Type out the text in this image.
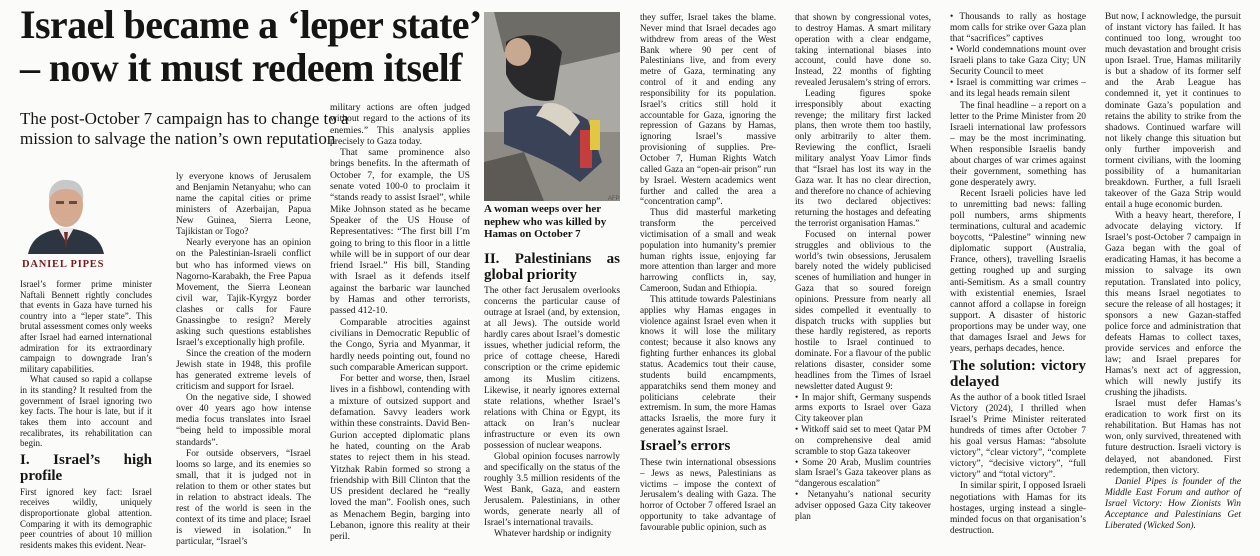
Israel became a ‘leper state’ – now it must redeem itself

The post-October 7 campaign has to change to a mission to salvage the nation’s own reputation

DANIEL PIPES

Israel’s former prime minister Naftali Bennett rightly concludes that events in Gaza have turned his country into a “leper state”. This brutal assessment comes only weeks after Israel had earned international admiration for its extraordinary campaign to downgrade Iran’s military capabilities.

What caused so rapid a collapse in its standing? It resulted from the government of Israel ignoring two key facts. The hour is late, but if it takes them into account and recalibrates, its rehabilitation can begin.

I. Israel’s high profile

First ignored key fact: Israel receives wildly, uniquely disproportionate global attention. Comparing it with its demographic peer countries of about 10 million residents makes this evident. Near-

ly everyone knows of Jerusalem and Benjamin Netanyahu; who can name the capital cities or prime ministers of Azerbaijan, Papua New Guinea, Sierra Leone, Tajikistan or Togo?

Nearly everyone has an opinion on the Palestinian-Israeli conflict but who has informed views on Nagorno-Karabakh, the Free Papua Movement, the Sierra Leonean civil war, Tajik-Kyrgyz border clashes or calls for Faure Gnassingbe to resign? Merely asking such questions establishes Israel’s exceptionally high profile.

Since the creation of the modern Jewish state in 1948, this profile has generated extreme levels of criticism and support for Israel.

On the negative side, I showed over 40 years ago how intense media focus translates into Israel “being held to impossible moral standards”.

For outside observers, “Israel looms so large, and its enemies so small, that it is judged not in relation to them or other states but in relation to abstract ideals. The rest of the world is seen in the context of its time and place; Israel is viewed in isolation.” In particular, “Israel’s

military actions are often judged without regard to the actions of its enemies.” This analysis applies precisely to Gaza today.

That same prominence also brings benefits. In the aftermath of October 7, for example, the US senate voted 100-0 to proclaim it “stands ready to assist Israel”, while Mike Johnson stated as he became Speaker of the US House of Representatives: “The first bill I’m going to bring to this floor in a little while will be in support of our dear friend Israel.” His bill, Standing with Israel as it defends itself against the barbaric war launched by Hamas and other terrorists, passed 412-10.

Comparable atrocities against civilians in Democratic Republic of the Congo, Syria and Myanmar, it hardly needs pointing out, found no such comparable American support.

For better and worse, then, Israel lives in a fishbowl, contending with a mixture of outsized support and defamation. Savvy leaders work within these constraints. David Ben-Gurion accepted diplomatic plans he hated, counting on the Arab states to reject them in his stead. Yitzhak Rabin formed so strong a friendship with Bill Clinton that the US president declared he “really loved the man”. Foolish ones, such as Menachem Begin, barging into Lebanon, ignore this reality at their peril.

AFP

A woman weeps over her nephew who was killed by Hamas on October 7

II. Palestinians as global priority

The other fact Jerusalem overlooks concerns the particular cause of outrage at Israel (and, by extension, at all Jews). The outside world hardly cares about Israel’s domestic issues, whether judicial reform, the price of cottage cheese, Haredi conscription or the crime epidemic among its Muslim citizens. Likewise, it nearly ignores external state relations, whether Israel’s relations with China or Egypt, its attack on Iran’s nuclear infrastructure or even its own possession of nuclear weapons.

Global opinion focuses narrowly and specifically on the status of the roughly 3.5 million residents of the West Bank, Gaza, and eastern Jerusalem. Palestinians, in other words, generate nearly all of Israel’s international travails.

Whatever hardship or indignity

they suffer, Israel takes the blame. Never mind that Israel decades ago withdrew from areas of the West Bank where 90 per cent of Palestinians live, and from every metre of Gaza, terminating any control of it and ending any responsibility for its population. Israel’s critics still hold it accountable for Gaza, ignoring the repression of Gazans by Hamas, ignoring Israel’s massive provisioning of supplies. Pre-October 7, Human Rights Watch called Gaza an “open-air prison” run by Israel. Western academics went further and called the area a “concentration camp”.

Thus did masterful marketing transform the perceived victimisation of a small and weak population into humanity’s premier human rights issue, enjoying far more attention than larger and more harrowing conflicts in, say, Cameroon, Sudan and Ethiopia.

This attitude towards Palestinians applies why Hamas engages in violence against Israel even when it knows it will lose the military contest; because it also knows any fighting further enhances its global status. Academics tout their cause, students build encampments, apparatchiks send them money and politicians celebrate their extremism. In sum, the more Hamas attacks Israelis, the more fury it generates against Israel.

Israel’s errors

These twin international obsessions – Jews as news, Palestinians as victims – impose the context of Jerusalem’s dealing with Gaza. The horror of October 7 offered Israel an opportunity to take advantage of favourable public opinion, such as

that shown by congressional votes, to destroy Hamas. A smart military operation with a clear endgame, taking international biases into account, could have done so. Instead, 22 months of fighting revealed Jerusalem’s string of errors.

Leading figures spoke irresponsibly about exacting revenge; the military first lacked plans, then wrote them too hastily, only arbitrarily to alter them. Reviewing the conflict, Israeli military analyst Yoav Limor finds that “Israel has lost its way in the Gaza war. It has no clear direction, and therefore no chance of achieving its two declared objectives: returning the hostages and defeating the terrorist organisation Hamas.”

Focused on internal power struggles and oblivious to the world’s twin obsessions, Jerusalem barely noted the widely publicised scenes of humiliation and hunger in Gaza that so soured foreign opinions. Pressure from nearly all sides compelled it eventually to dispatch trucks with supplies but these hardly registered, as reports hostile to Israel continued to dominate. For a flavour of the public relations disaster, consider some headlines from the Times of Israel newsletter dated August 9:

• In major shift, Germany suspends arms exports to Israel over Gaza City takeover plan

• Witkoff said set to meet Qatar PM on comprehensive deal amid scramble to stop Gaza takeover

• Some 20 Arab, Muslim countries slam Israel’s Gaza takeover plans as “dangerous escalation”

• Netanyahu’s national security adviser opposed Gaza City takeover plan

• Thousands to rally as hostage mom calls for strike over Gaza plan that “sacrifices” captives

• World condemnations mount over Israeli plans to take Gaza City; UN Security Council to meet

• Israel is committing war crimes – and its legal heads remain silent

The final headline – a report on a letter to the Prime Minister from 20 Israeli international law professors – may be the most incriminating. When responsible Israelis bandy about charges of war crimes against their government, something has gone desperately awry.

Recent Israeli policies have led to unremitting bad news: falling poll numbers, arms shipments terminations, cultural and academic boycotts, “Palestine” winning new diplomatic support (Australia, France, others), travelling Israelis getting roughed up and surging anti-Semitism. As a small country with existential enemies, Israel cannot afford a collapse in foreign support. A disaster of historic proportions may be under way, one that damages Israel and Jews for years, perhaps decades, hence.

The solution: victory delayed

As the author of a book titled Israel Victory (2024), I thrilled when Israel’s Prime Minister reiterated hundreds of times after October 7 his goal versus Hamas: “absolute victory”, “clear victory”, “complete victory”, “decisive victory”, “full victory” and “total victory”.

In similar spirit, I opposed Israeli negotiations with Hamas for its hostages, urging instead a single-minded focus on that organisation’s destruction.

But now, I acknowledge, the pursuit of instant victory has failed. It has continued too long, wrought too much devastation and brought crisis upon Israel. True, Hamas militarily is but a shadow of its former self and the Arab League has condemned it, yet it continues to dominate Gaza’s population and retains the ability to strike from the shadows. Continued warfare will not likely change this situation but only further impoverish and torment civilians, with the looming possibility of a humanitarian breakdown. Further, a full Israeli takeover of the Gaza Strip would entail a huge economic burden.

With a heavy heart, therefore, I advocate delaying victory. If Israel’s post-October 7 campaign in Gaza began with the goal of eradicating Hamas, it has become a mission to salvage its own reputation. Translated into policy, this means Israel negotiates to secure the release of all hostages; it sponsors a new Gazan-staffed police force and administration that defeats Hamas to collect taxes, provide services and enforce the law; and Israel prepares for Hamas’s next act of aggression, which will newly justify its crushing the jihadists.

Israel must defer Hamas’s eradication to work first on its rehabilitation. But Hamas has not won, only survived, threatened with future destruction. Israeli victory is delayed, not abandoned. First redemption, then victory.

Daniel Pipes is founder of the Middle East Forum and author of Israel Victory: How Zionists Win Acceptance and Palestinians Get Liberated (Wicked Son).
